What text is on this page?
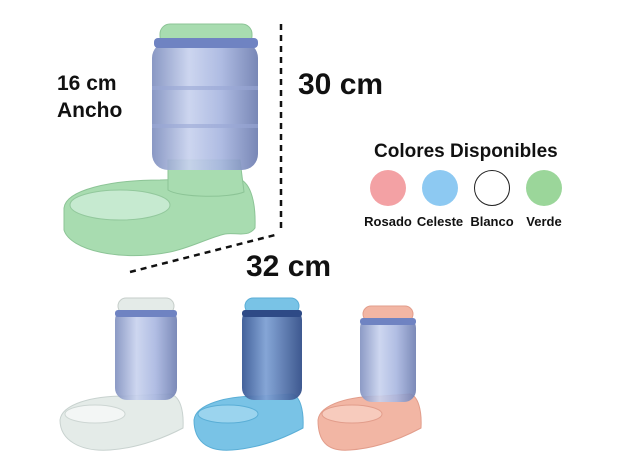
16 cm
Ancho
30 cm
32 cm
Colores Disponibles
Rosado Celeste Blanco Verde
